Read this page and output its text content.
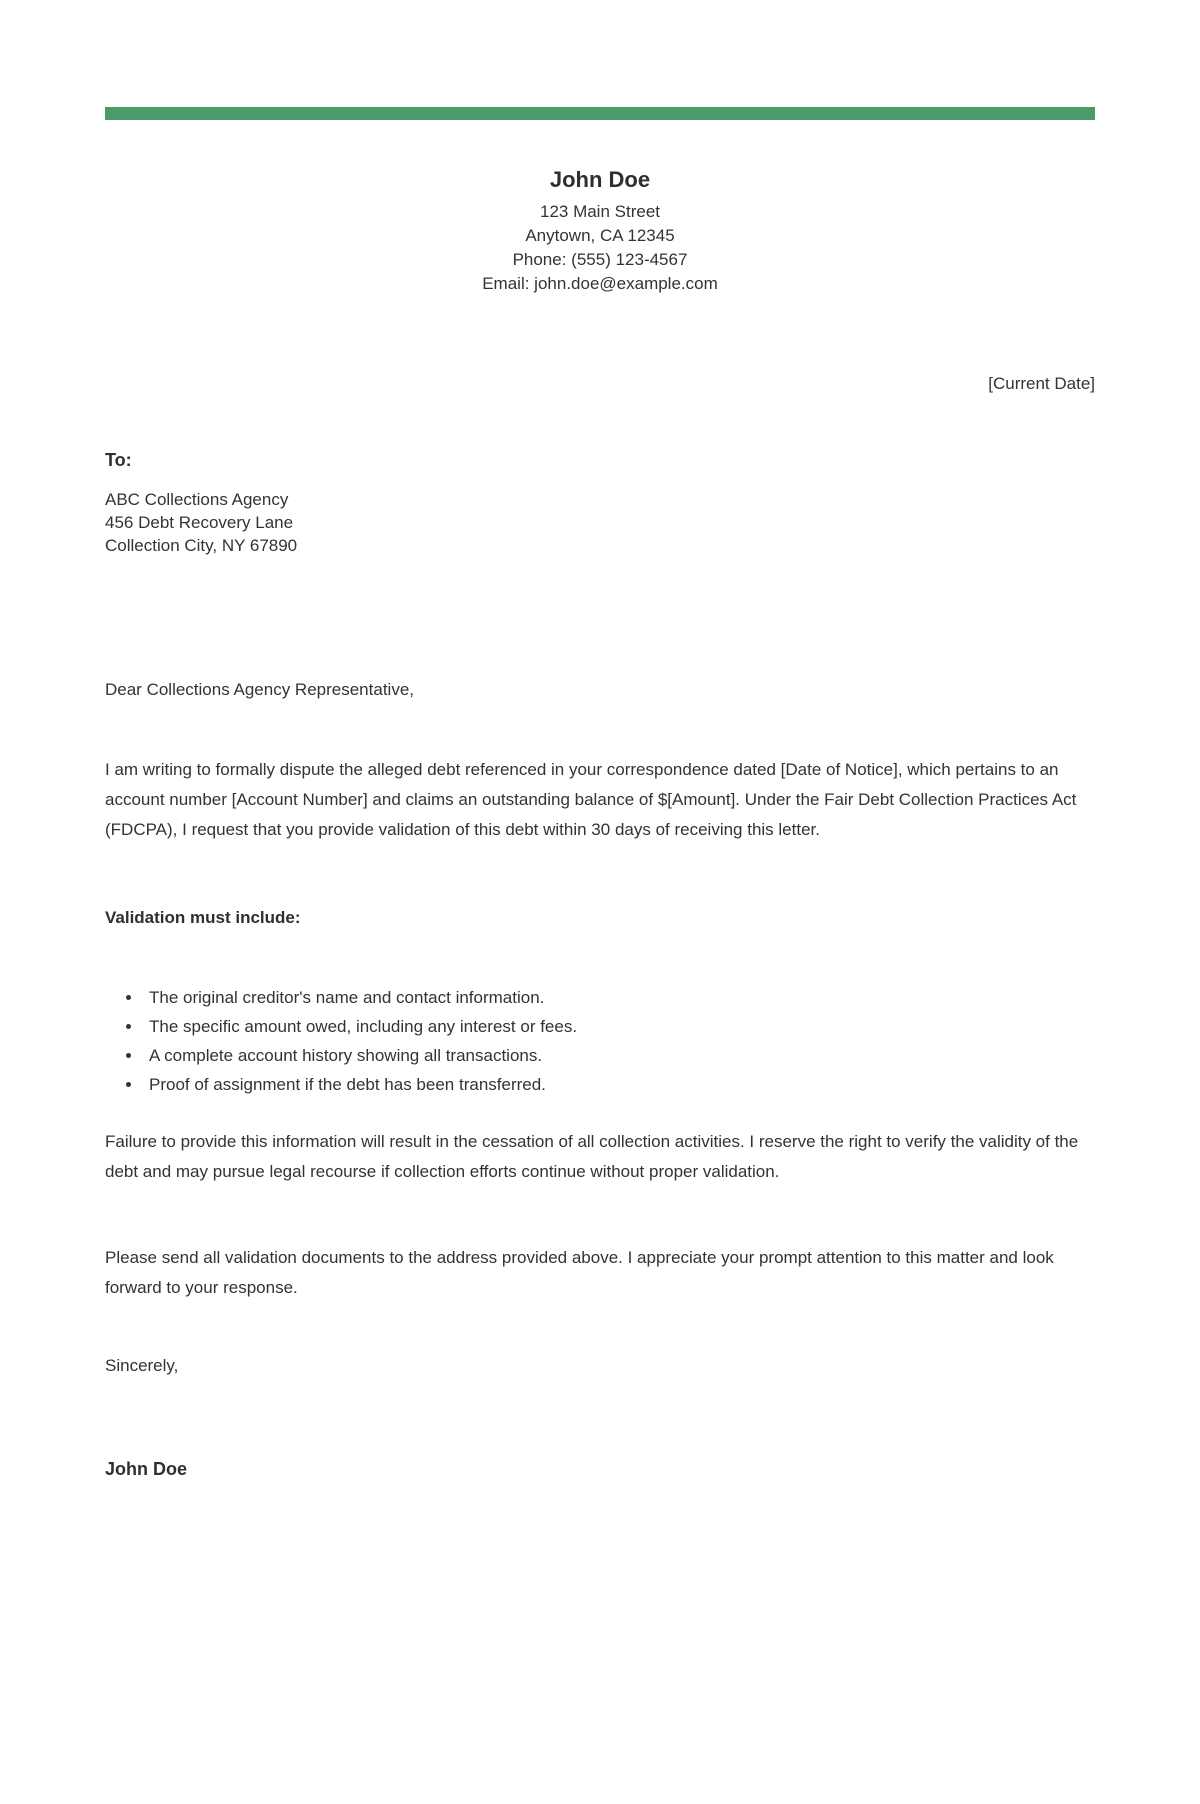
John Doe
123 Main Street
Anytown, CA 12345
Phone: (555) 123-4567
Email: john.doe@example.com
[Current Date]
To:
ABC Collections Agency
456 Debt Recovery Lane
Collection City, NY 67890
Dear Collections Agency Representative,

I am writing to formally dispute the alleged debt referenced in your correspondence dated [Date of Notice], which pertains to an account number [Account Number] and claims an outstanding balance of $[Amount]. Under the Fair Debt Collection Practices Act (FDCPA), I request that you provide validation of this debt within 30 days of receiving this letter.

Validation must include:
• The original creditor's name and contact information.
• The specific amount owed, including any interest or fees.
• A complete account history showing all transactions.
• Proof of assignment if the debt has been transferred.

Failure to provide this information will result in the cessation of all collection activities. I reserve the right to verify the validity of the debt and may pursue legal recourse if collection efforts continue without proper validation.

Please send all validation documents to the address provided above. I appreciate your prompt attention to this matter and look forward to your response.

Sincerely,
John Doe
